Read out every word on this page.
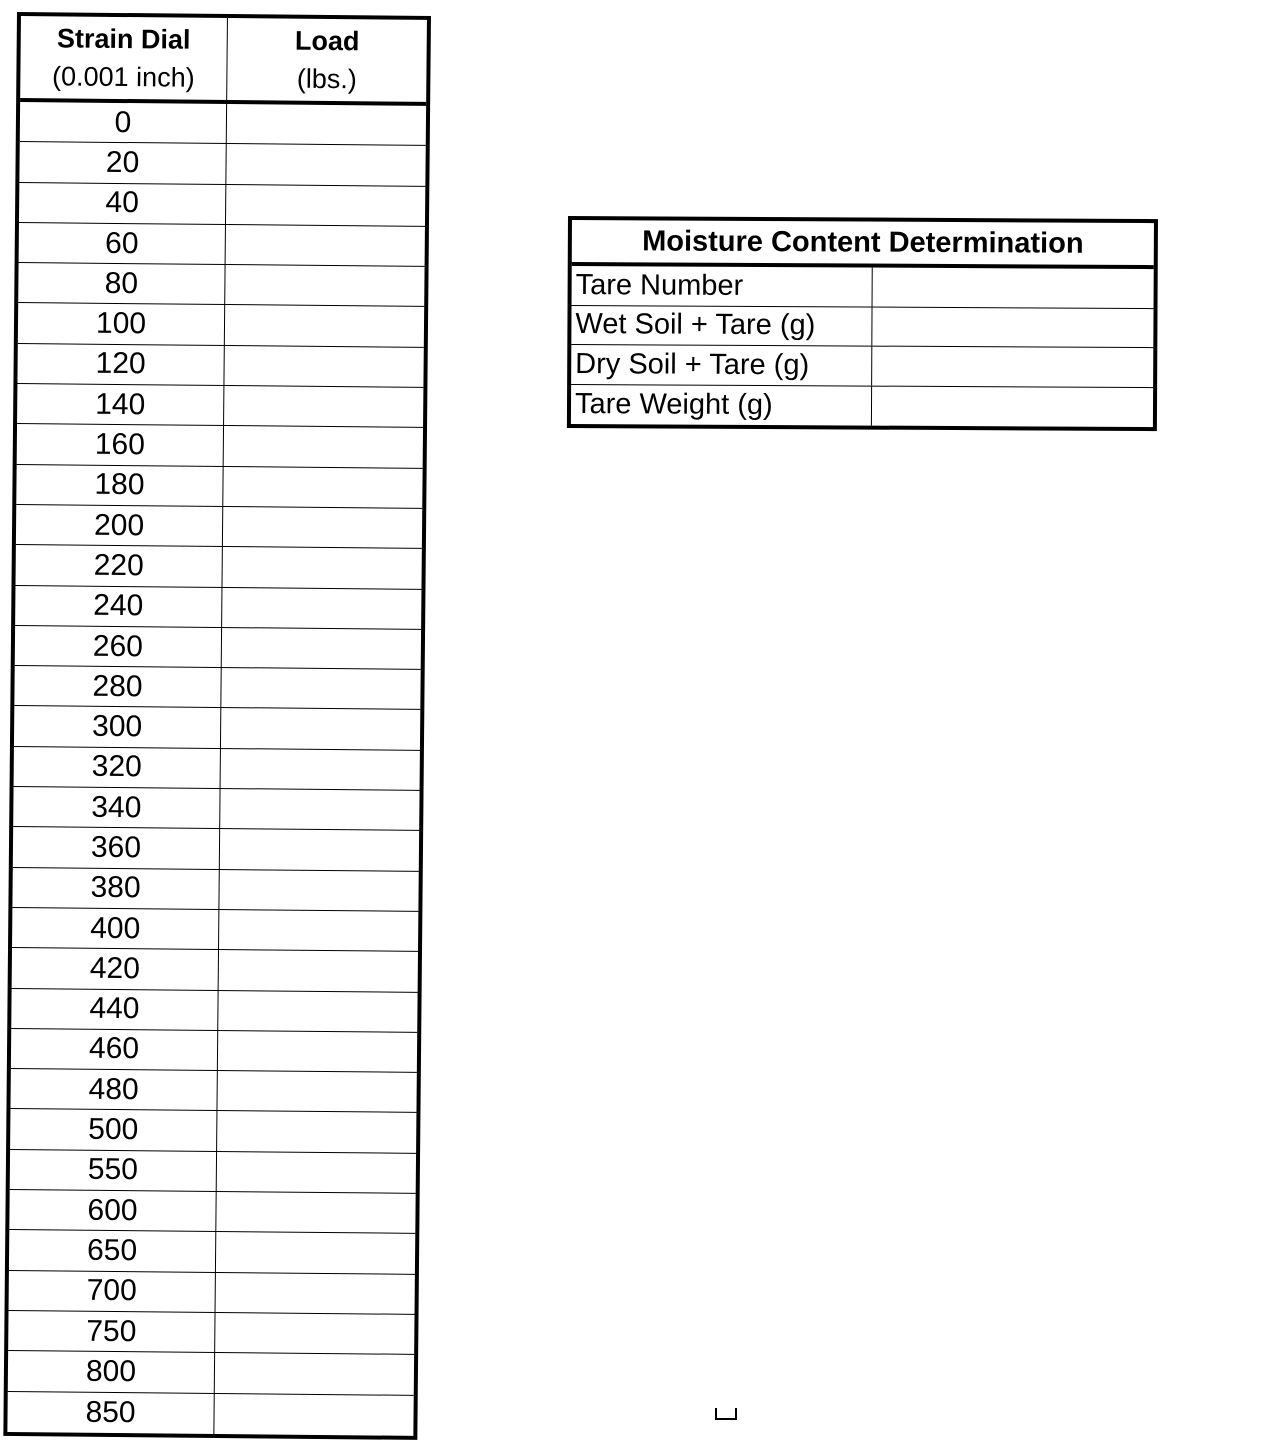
Strain Dial
(0.001 inch)
Load
(lbs.)
0
20
40
60
80
100
120
140
160
180
200
220
240
260
280
300
320
340
360
380
400
420
440
460
480
500
550
600
650
700
750
800
850
Moisture Content Determination
Tare Number
Wet Soil + Tare (g)
Dry Soil + Tare (g)
Tare Weight (g)
